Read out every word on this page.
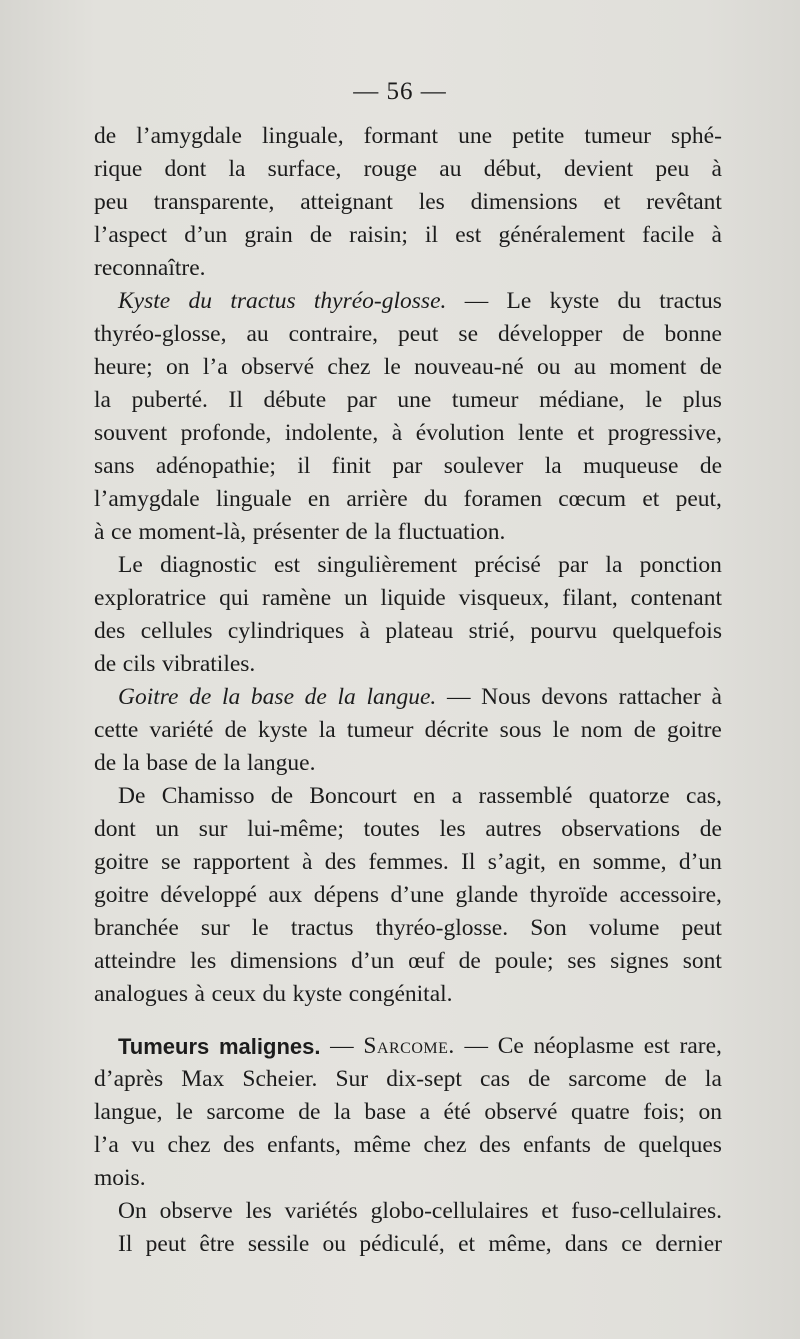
— 56 —
de l’amygdale linguale, formant une petite tumeur sphé-
rique dont la surface, rouge au début, devient peu à
peu transparente, atteignant les dimensions et revêtant
l’aspect d’un grain de raisin; il est généralement facile à
reconnaître.
Kyste du tractus thyréo-glosse. — Le kyste du tractus
thyréo-glosse, au contraire, peut se développer de bonne
heure; on l’a observé chez le nouveau-né ou au moment de
la puberté. Il débute par une tumeur médiane, le plus
souvent profonde, indolente, à évolution lente et progressive,
sans adénopathie; il finit par soulever la muqueuse de
l’amygdale linguale en arrière du foramen cœcum et peut,
à ce moment-là, présenter de la fluctuation.
Le diagnostic est singulièrement précisé par la ponction
exploratrice qui ramène un liquide visqueux, filant, contenant
des cellules cylindriques à plateau strié, pourvu quelquefois
de cils vibratiles.
Goitre de la base de la langue. — Nous devons rattacher à
cette variété de kyste la tumeur décrite sous le nom de goitre
de la base de la langue.
De Chamisso de Boncourt en a rassemblé quatorze cas,
dont un sur lui-même; toutes les autres observations de
goitre se rapportent à des femmes. Il s’agit, en somme, d’un
goitre développé aux dépens d’une glande thyroïde accessoire,
branchée sur le tractus thyréo-glosse. Son volume peut
atteindre les dimensions d’un œuf de poule; ses signes sont
analogues à ceux du kyste congénital.
Tumeurs malignes. — Sarcome. — Ce néoplasme est rare,
d’après Max Scheier. Sur dix-sept cas de sarcome de la
langue, le sarcome de la base a été observé quatre fois; on
l’a vu chez des enfants, même chez des enfants de quelques
mois.
On observe les variétés globo-cellulaires et fuso-cellulaires.
Il peut être sessile ou pédiculé, et même, dans ce dernier
